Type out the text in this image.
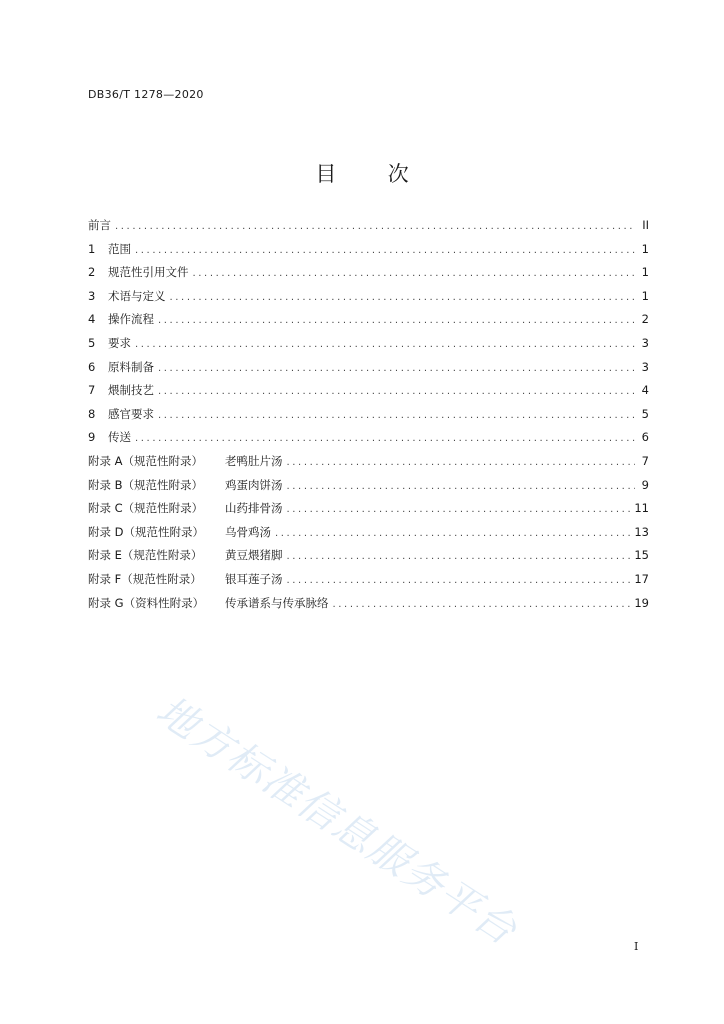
DB36/T 1278—2020
目 次
前言 .....	II
1	范围 .....	1
2	规范性引用文件 .....	1
3	术语与定义 .....	1
4	操作流程 .....	2
5	要求 .....	3
6	原料制备 .....	3
7	煨制技艺 .....	4
8	感官要求 .....	5
9	传送 .....	6
附录 A（规范性附录）	老鸭肚片汤 .....	7
附录 B（规范性附录）	鸡蛋肉饼汤 .....	9
附录 C（规范性附录）	山药排骨汤 .....	11
附录 D（规范性附录）	乌骨鸡汤 .....	13
附录 E（规范性附录）	黄豆煨猪脚 .....	15
附录 F（规范性附录）	银耳莲子汤 .....	17
附录 G（资料性附录）	传承谱系与传承脉络 .....	19
地方标准信息服务平台	I
